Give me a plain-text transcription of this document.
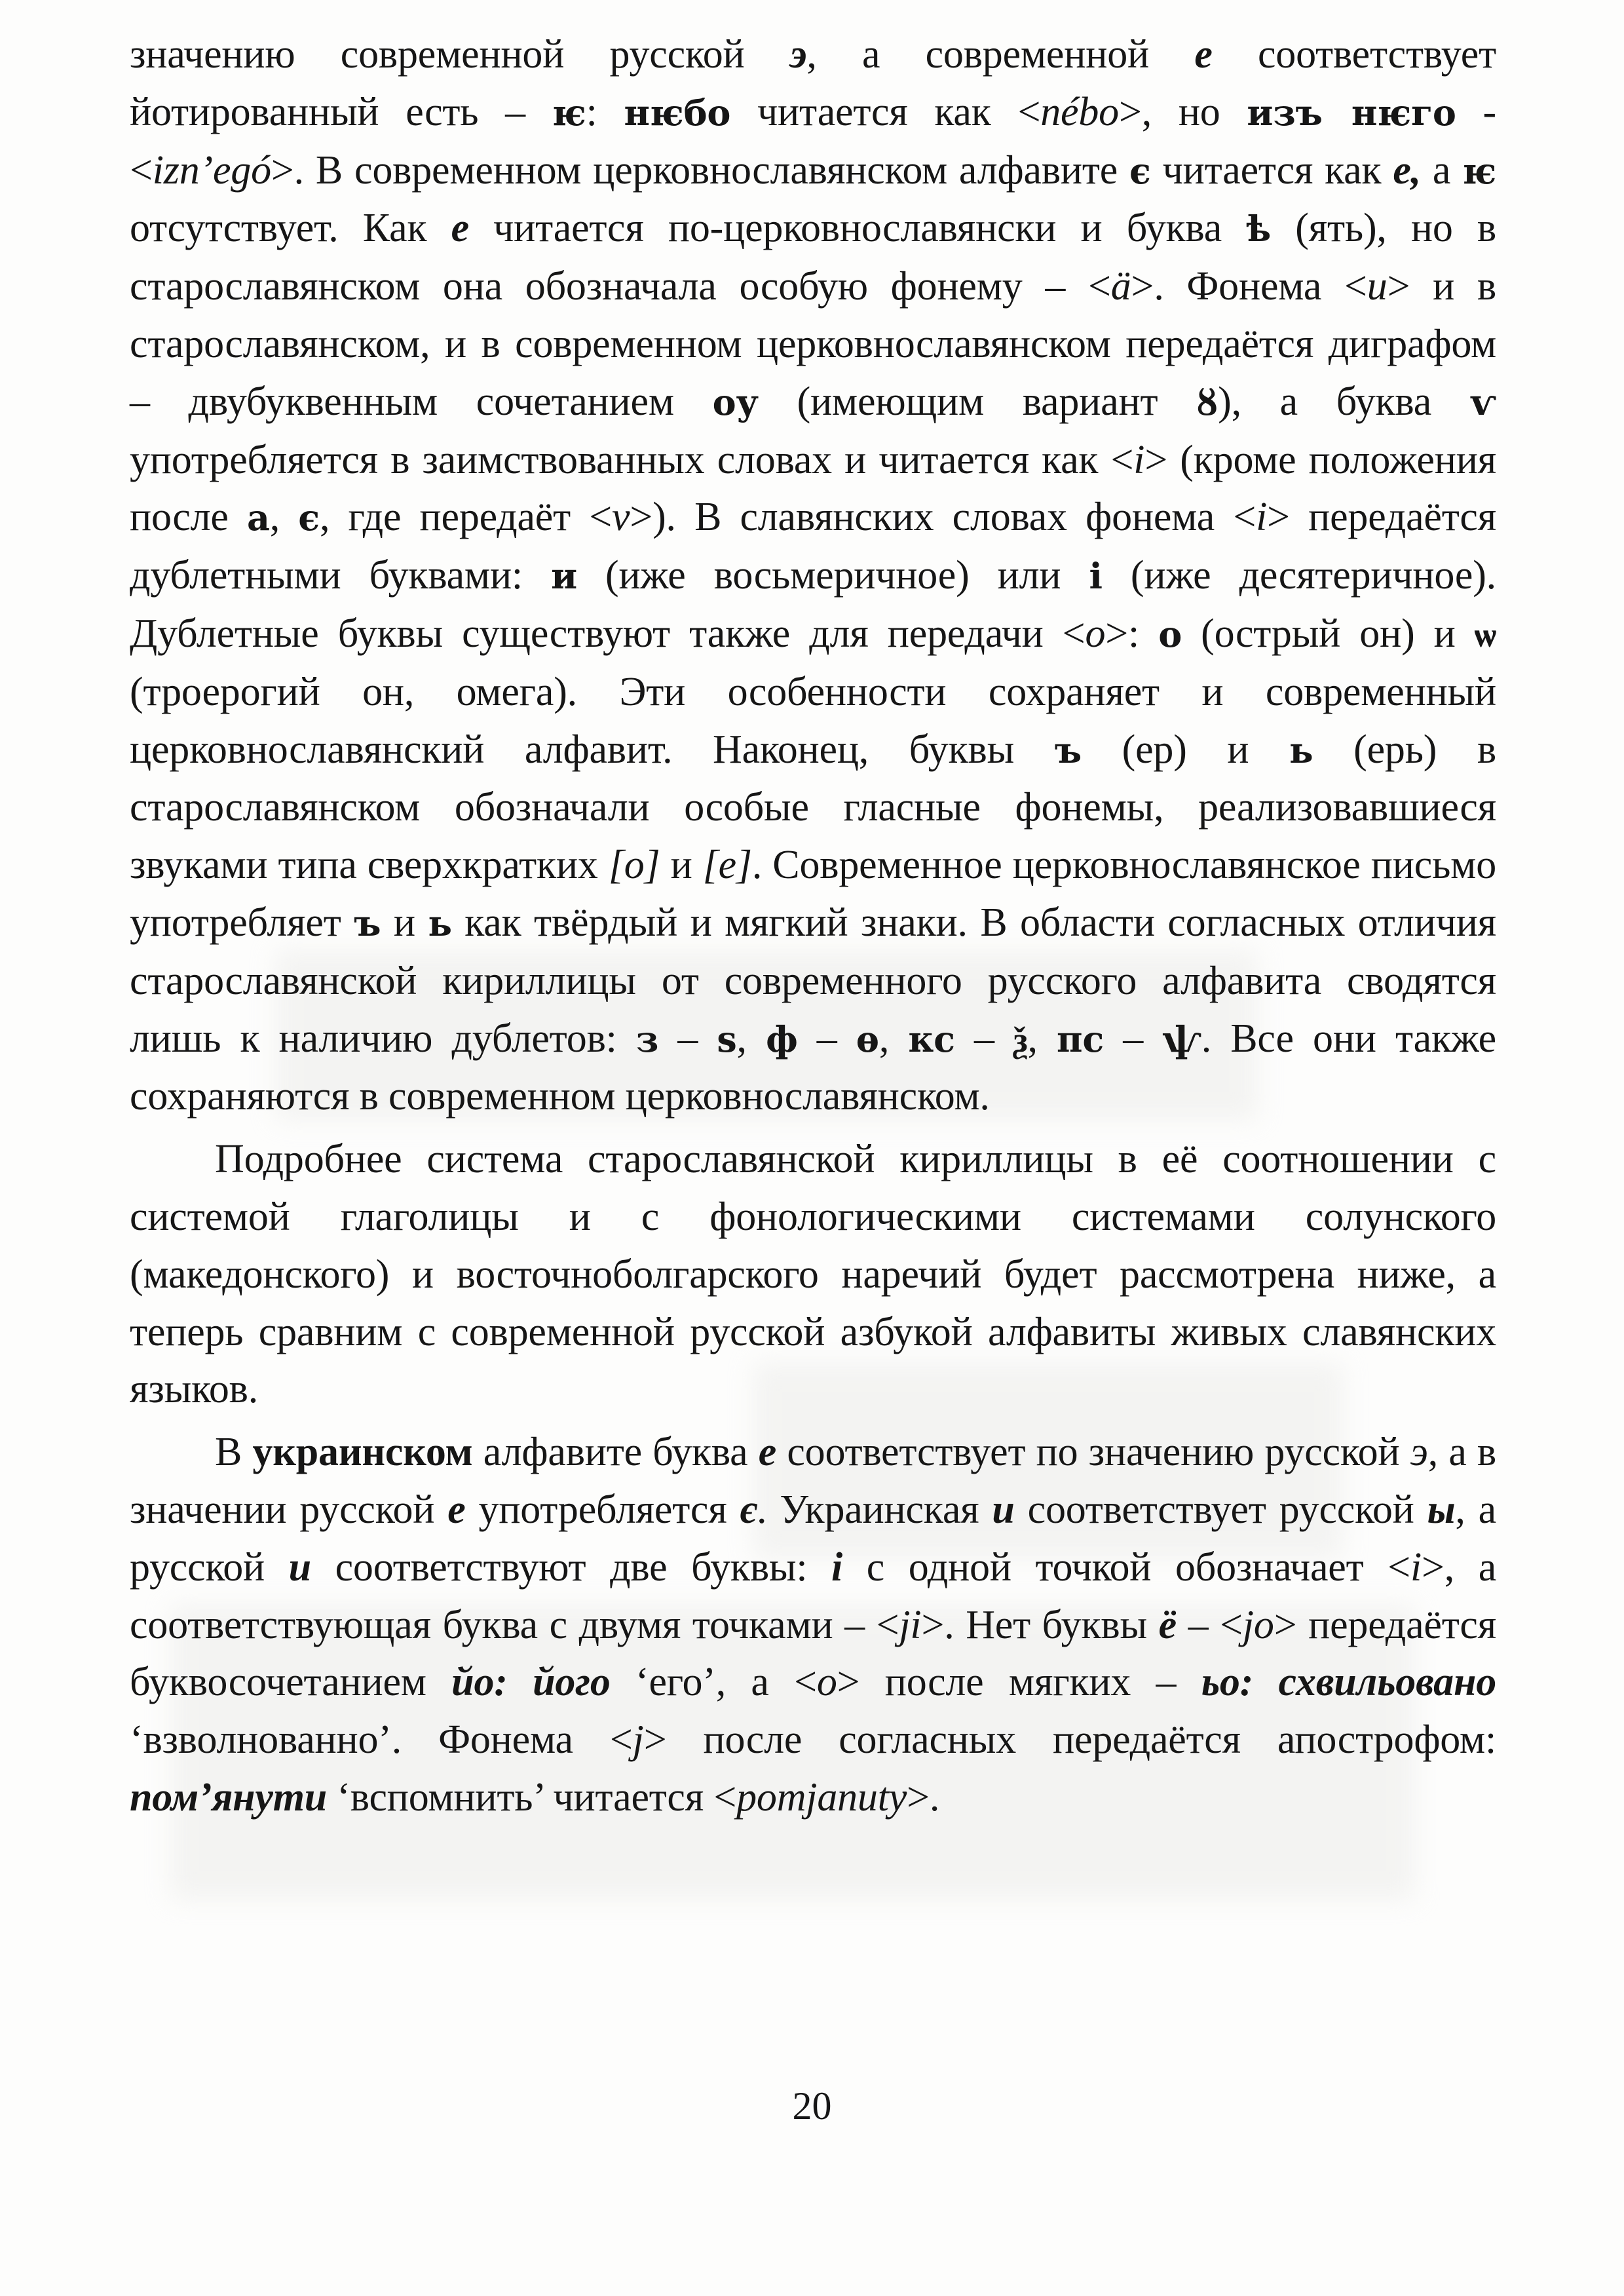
значению современной русской э, а современной е соответствует йотированный есть – ѥ: нѥбо читается как <nébo>, но изъ нѥго - <izn’egó>. В современном церковнославянском алфавите є читается как е, а ѥ отсутствует. Как е читается по-церковнославянски и буква ѣ (ять), но в старославянском она обозначала особую фонему – <ä>. Фонема <u> и в старославянском, и в современном церковнославянском передаётся диграфом – двубуквенным сочетанием оу (имеющим вариант ȣ), а буква ѵ употребляется в заимствованных словах и читается как <i> (кроме положения после а, є, где передаёт <v>). В славянских словах фонема <i> передаётся дублетными буквами: и (иже восьмеричное) или і (иже десятеричное). Дублетные буквы существуют также для передачи <o>: о (острый он) и ѡ (троерогий он, омега). Эти особенности сохраняет и современный церковнославянский алфавит. Наконец, буквы ъ (ер) и ь (ерь) в старославянском обозначали особые гласные фонемы, реализовавшиеся звуками типа сверхкратких [o] и [e]. Современное церковнославянское письмо употребляет ъ и ь как твёрдый и мягкий знаки. В области согласных отличия старославянской кириллицы от современного русского алфавита сводятся лишь к наличию дублетов: з – ѕ, ф – ѳ, кс – ѯ, пс – ѱ. Все они также сохраняются в современном церковнославянском.

Подробнее система старославянской кириллицы в её соотношении с системой глаголицы и с фонологическими системами солунского (македонского) и восточноболгарского наречий будет рассмотрена ниже, а теперь сравним с современной русской азбукой алфавиты живых славянских языков.

В украинском алфавите буква е соответствует по значению русской э, а в значении русской е употребляется є. Украинская и соответствует русской ы, а русской и соответствуют две буквы: і с одной точкой обозначает <i>, а соответствующая буква с двумя точками – <ji>. Нет буквы ё – <jo> передаётся буквосочетанием йо: його ‘его’, а <o> после мягких – ьо: схвильовано ‘взволнованно’. Фонема <j> после согласных передаётся апострофом: пом’янути ‘вспомнить’ читается <pomjanuty>.

20
